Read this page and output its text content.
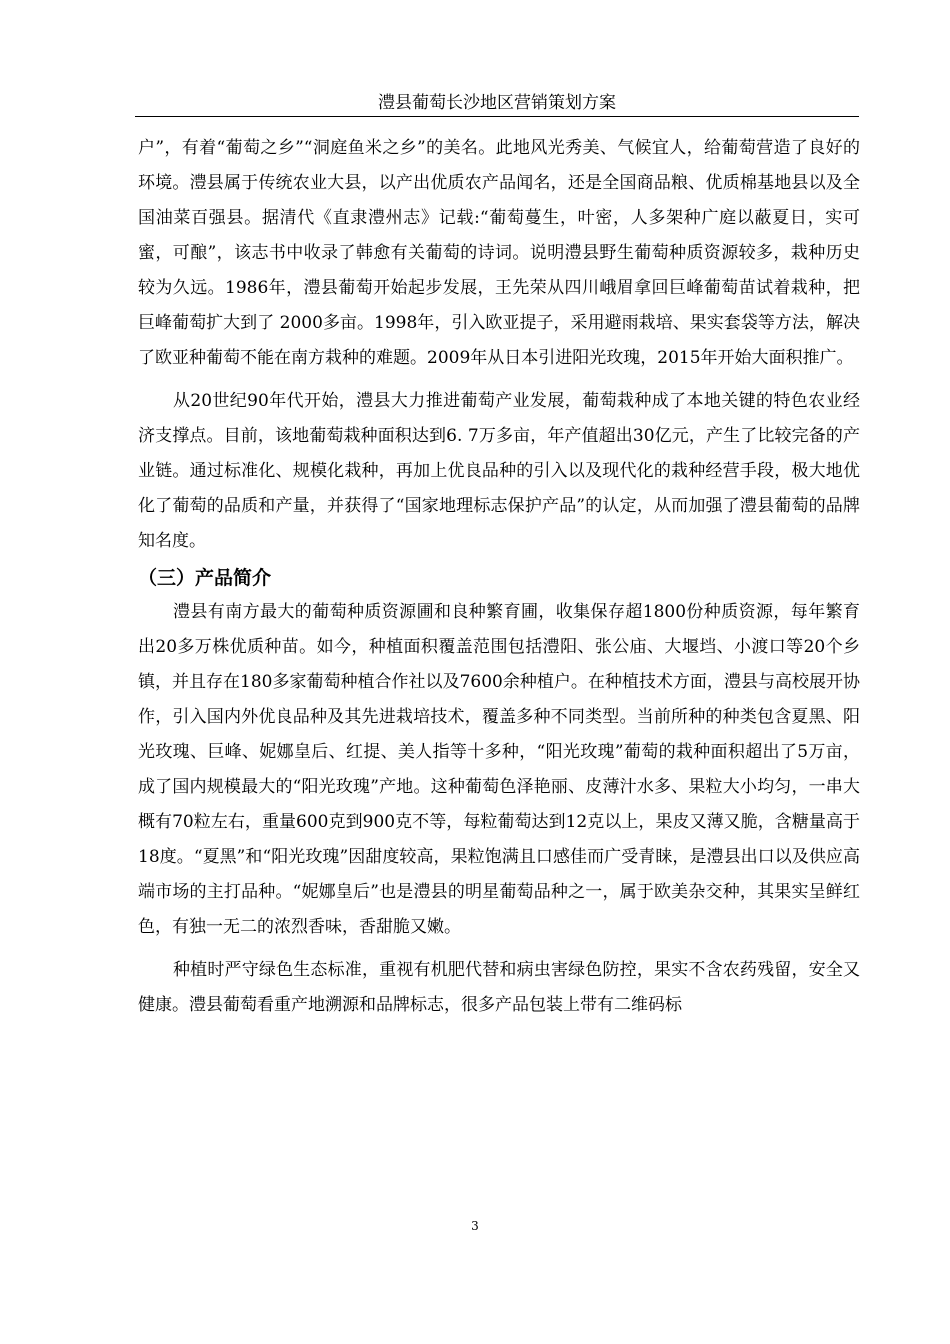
澧县葡萄长沙地区营销策划方案

户”，有着“葡萄之乡”“洞庭鱼米之乡”的美名。此地风光秀美、气候宜人，给葡萄营造了良好的环境。澧县属于传统农业大县，以产出优质农产品闻名，还是全国商品粮、优质棉基地县以及全国油菜百强县。据清代《直隶澧州志》记载:“葡萄蔓生，叶密，人多架种广庭以蔽夏日，实可蜜，可酿”，该志书中收录了韩愈有关葡萄的诗词。说明澧县野生葡萄种质资源较多，栽种历史较为久远。1986年，澧县葡萄开始起步发展，王先荣从四川峨眉拿回巨峰葡萄苗试着栽种，把巨峰葡萄扩大到了 2000多亩。1998年，引入欧亚提子，采用避雨栽培、果实套袋等方法，解决了欧亚种葡萄不能在南方栽种的难题。2009年从日本引进阳光玫瑰，2015年开始大面积推广。

从20世纪90年代开始，澧县大力推进葡萄产业发展，葡萄栽种成了本地关键的特色农业经济支撑点。目前，该地葡萄栽种面积达到6. 7万多亩，年产值超出30亿元，产生了比较完备的产业链。通过标准化、规模化栽种，再加上优良品种的引入以及现代化的栽种经营手段，极大地优化了葡萄的品质和产量，并获得了“国家地理标志保护产品”的认定，从而加强了澧县葡萄的品牌知名度。

（三）产品简介

澧县有南方最大的葡萄种质资源圃和良种繁育圃，收集保存超1800份种质资源，每年繁育出20多万株优质种苗。如今，种植面积覆盖范围包括澧阳、张公庙、大堰垱、小渡口等20个乡镇，并且存在180多家葡萄种植合作社以及7600余种植户。在种植技术方面，澧县与高校展开协作，引入国内外优良品种及其先进栽培技术，覆盖多种不同类型。当前所种的种类包含夏黑、阳光玫瑰、巨峰、妮娜皇后、红提、美人指等十多种，“阳光玫瑰”葡萄的栽种面积超出了5万亩，成了国内规模最大的“阳光玫瑰”产地。这种葡萄色泽艳丽、皮薄汁水多、果粒大小均匀，一串大概有70粒左右，重量600克到900克不等，每粒葡萄达到12克以上，果皮又薄又脆，含糖量高于18度。“夏黑”和“阳光玫瑰”因甜度较高，果粒饱满且口感佳而广受青睐，是澧县出口以及供应高端市场的主打品种。“妮娜皇后”也是澧县的明星葡萄品种之一，属于欧美杂交种，其果实呈鲜红色，有独一无二的浓烈香味，香甜脆又嫩。

种植时严守绿色生态标准，重视有机肥代替和病虫害绿色防控，果实不含农药残留，安全又健康。澧县葡萄看重产地溯源和品牌标志，很多产品包装上带有二维码标

3
